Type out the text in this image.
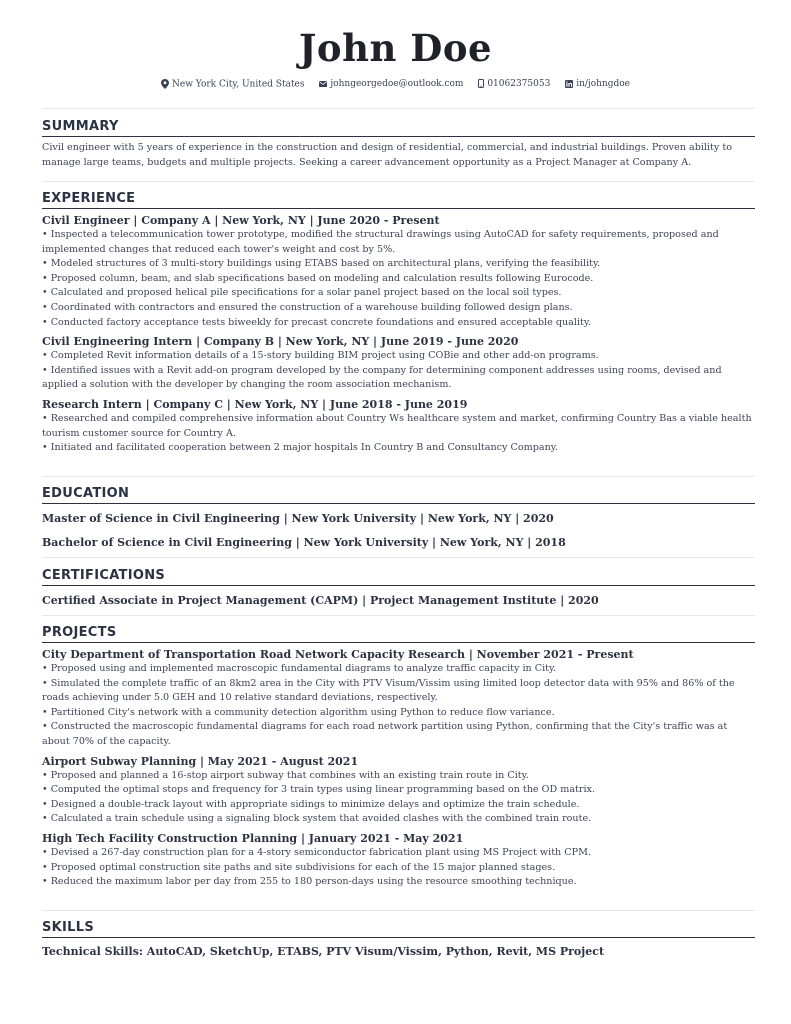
John Doe
New York City, United States	johngeorgedoe@outlook.com	01062375053	in/johngdoe
SUMMARY
Civil engineer with 5 years of experience in the construction and design of residential, commercial, and industrial buildings. Proven ability to manage large teams, budgets and multiple projects. Seeking a career advancement opportunity as a Project Manager at Company A.
EXPERIENCE
Civil Engineer | Company A | New York, NY | June 2020 - Present
• Inspected a telecommunication tower prototype, modified the structural drawings using AutoCAD for safety requirements, proposed and implemented changes that reduced each tower's weight and cost by 5%.
• Modeled structures of 3 multi-story buildings using ETABS based on architectural plans, verifying the feasibility.
• Proposed column, beam, and slab specifications based on modeling and calculation results following Eurocode.
• Calculated and proposed helical pile specifications for a solar panel project based on the local soil types.
• Coordinated with contractors and ensured the construction of a warehouse building followed design plans.
• Conducted factory acceptance tests biweekly for precast concrete foundations and ensured acceptable quality.
Civil Engineering Intern | Company B | New York, NY | June 2019 - June 2020
• Completed Revit information details of a 15-story building BIM project using COBie and other add-on programs.
• Identified issues with a Revit add-on program developed by the company for determining component addresses using rooms, devised and applied a solution with the developer by changing the room association mechanism.
Research Intern | Company C | New York, NY | June 2018 - June 2019
• Researched and compiled comprehensive information about Country Ws healthcare system and market, confirming Country Bas a viable health tourism customer source for Country A.
• Initiated and facilitated cooperation between 2 major hospitals In Country B and Consultancy Company.
EDUCATION
Master of Science in Civil Engineering | New York University | New York, NY | 2020
Bachelor of Science in Civil Engineering | New York University | New York, NY | 2018
CERTIFICATIONS
Certified Associate in Project Management (CAPM) | Project Management Institute | 2020
PROJECTS
City Department of Transportation Road Network Capacity Research | November 2021 - Present
• Proposed using and implemented macroscopic fundamental diagrams to analyze traffic capacity in City.
• Simulated the complete traffic of an 8km2 area in the City with PTV Visum/Vissim using limited loop detector data with 95% and 86% of the roads achieving under 5.0 GEH and 10 relative standard deviations, respectively.
• Partitioned City's network with a community detection algorithm using Python to reduce flow variance.
• Constructed the macroscopic fundamental diagrams for each road network partition using Python, confirming that the City's traffic was at about 70% of the capacity.
Airport Subway Planning | May 2021 - August 2021
• Proposed and planned a 16-stop airport subway that combines with an existing train route in City.
• Computed the optimal stops and frequency for 3 train types using linear programming based on the OD matrix.
• Designed a double-track layout with appropriate sidings to minimize delays and optimize the train schedule.
• Calculated a train schedule using a signaling block system that avoided clashes with the combined train route.
High Tech Facility Construction Planning | January 2021 - May 2021
• Devised a 267-day construction plan for a 4-story semiconductor fabrication plant using MS Project with CPM.
• Proposed optimal construction site paths and site subdivisions for each of the 15 major planned stages.
• Reduced the maximum labor per day from 255 to 180 person-days using the resource smoothing technique.
SKILLS
Technical Skills: AutoCAD, SketchUp, ETABS, PTV Visum/Vissim, Python, Revit, MS Project
